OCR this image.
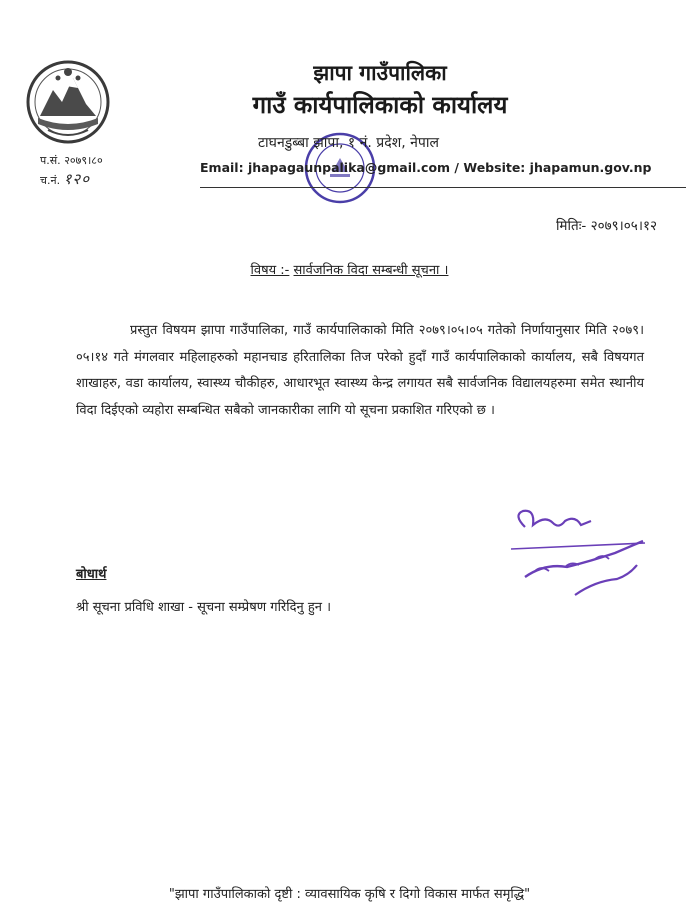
झापा गाउँपालिका
गाउँ कार्यपालिकाको कार्यालय
टाघनडुब्बा झापा, १ नं. प्रदेश, नेपाल
Email: jhapagaunpalika@gmail.com / Website: jhapamun.gov.np
प.सं. २०७९।८०
च.नं. १२०
मितिः- २०७९।०५।१२
विषय :- सार्वजनिक विदा सम्बन्धी सूचना ।

प्रस्तुत विषयम झापा गाउँपालिका, गाउँ कार्यपालिकाको मिति २०७९।०५।०५ गतेको निर्णायानुसार मिति २०७९।०५।१४ गते मंगलवार महिलाहरुको महानचाड हरितालिका तिज परेको हुदाँ गाउँ कार्यपालिकाको कार्यालय, सबै विषयगत शाखाहरु, वडा कार्यालय, स्वास्थ्य चौकीहरु, आधारभूत स्वास्थ्य केन्द्र लगायत सबै सार्वजनिक विद्यालयहरुमा समेत स्थानीय विदा दिईएको व्यहोरा सम्बन्धित सबैको जानकारीका लागि यो सूचना प्रकाशित गरिएको छ ।

बोधार्थ
श्री सूचना प्रविधि शाखा - सूचना सम्प्रेषण गरिदिनु हुन ।
"झापा गाउँपालिकाको दृष्टी : व्यावसायिक कृषि र दिगो विकास मार्फत समृद्धि"
